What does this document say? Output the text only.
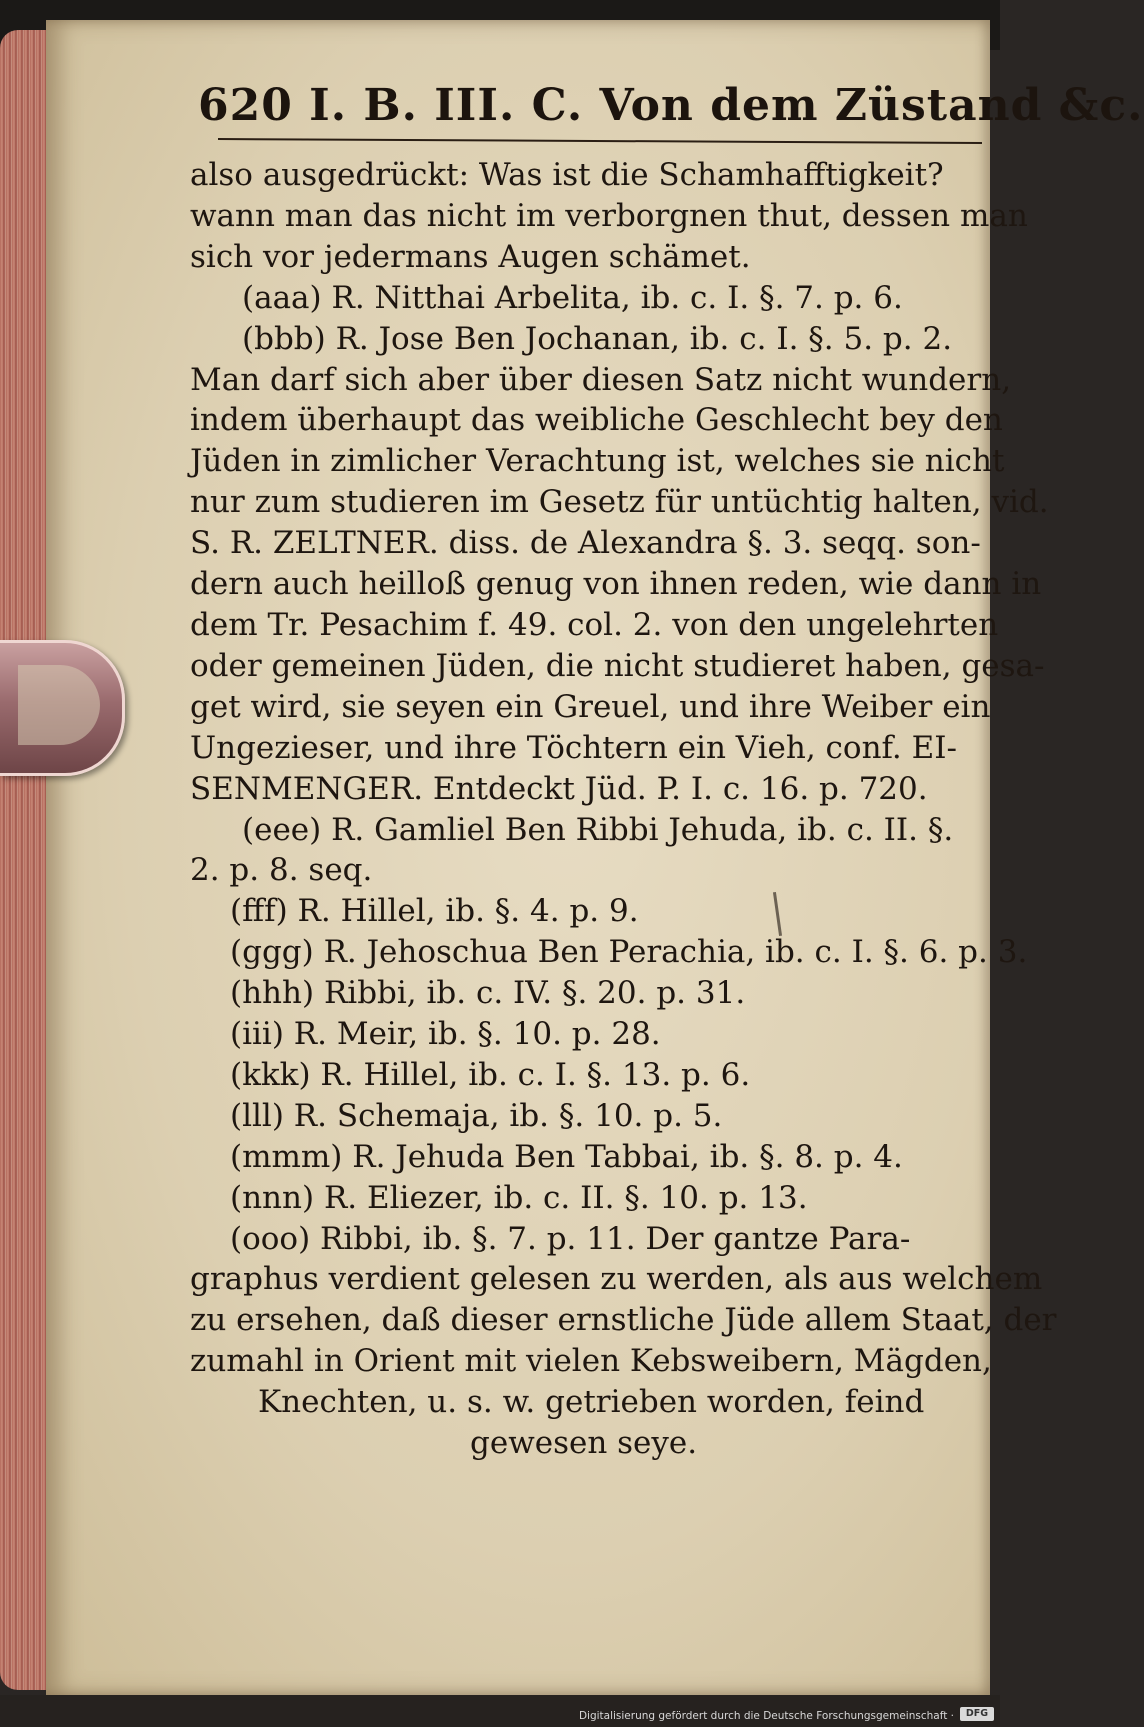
620 I. B. III. C. Von dem Züstand &c.
also ausgedrückt: Was ist die Schamhafftigkeit?
wann man das nicht im verborgnen thut, dessen man
sich vor jedermans Augen schämet.
(aaa) R. Nitthai Arbelita, ib. c. I. §. 7. p. 6.
(bbb) R. Jose Ben Jochanan, ib. c. I. §. 5. p. 2.
Man darf sich aber über diesen Satz nicht wundern,
indem überhaupt das weibliche Geschlecht bey den
Jüden in zimlicher Verachtung ist, welches sie nicht
nur zum studieren im Gesetz für untüchtig halten, vid.
S. R. ZELTNER. diss. de Alexandra §. 3. seqq. son-
dern auch heilloß genug von ihnen reden, wie dann in
dem Tr. Pesachim f. 49. col. 2. von den ungelehrten
oder gemeinen Jüden, die nicht studieret haben, gesa-
get wird, sie seyen ein Greuel, und ihre Weiber ein
Ungezieser, und ihre Töchtern ein Vieh, conf. EI-
SENMENGER. Entdeckt Jüd. P. I. c. 16. p. 720.
(eee) R. Gamliel Ben Ribbi Jehuda, ib. c. II. §.
2. p. 8. seq.
(fff) R. Hillel, ib. §. 4. p. 9.
(ggg) R. Jehoschua Ben Perachia, ib. c. I. §. 6. p. 3.
(hhh) Ribbi, ib. c. IV. §. 20. p. 31.
(iii) R. Meir, ib. §. 10. p. 28.
(kkk) R. Hillel, ib. c. I. §. 13. p. 6.
(lll) R. Schemaja, ib. §. 10. p. 5.
(mmm) R. Jehuda Ben Tabbai, ib. §. 8. p. 4.
(nnn) R. Eliezer, ib. c. II. §. 10. p. 13.
(ooo) Ribbi, ib. §. 7. p. 11. Der gantze Para-
graphus verdient gelesen zu werden, als aus welchem
zu ersehen, daß dieser ernstliche Jüde allem Staat, der
zumahl in Orient mit vielen Kebsweibern, Mägden,
Knechten, u. s. w. getrieben worden, feind
gewesen seye.
Digitalisierung gefördert durch die Deutsche Forschungsgemeinschaft ·	DFG
